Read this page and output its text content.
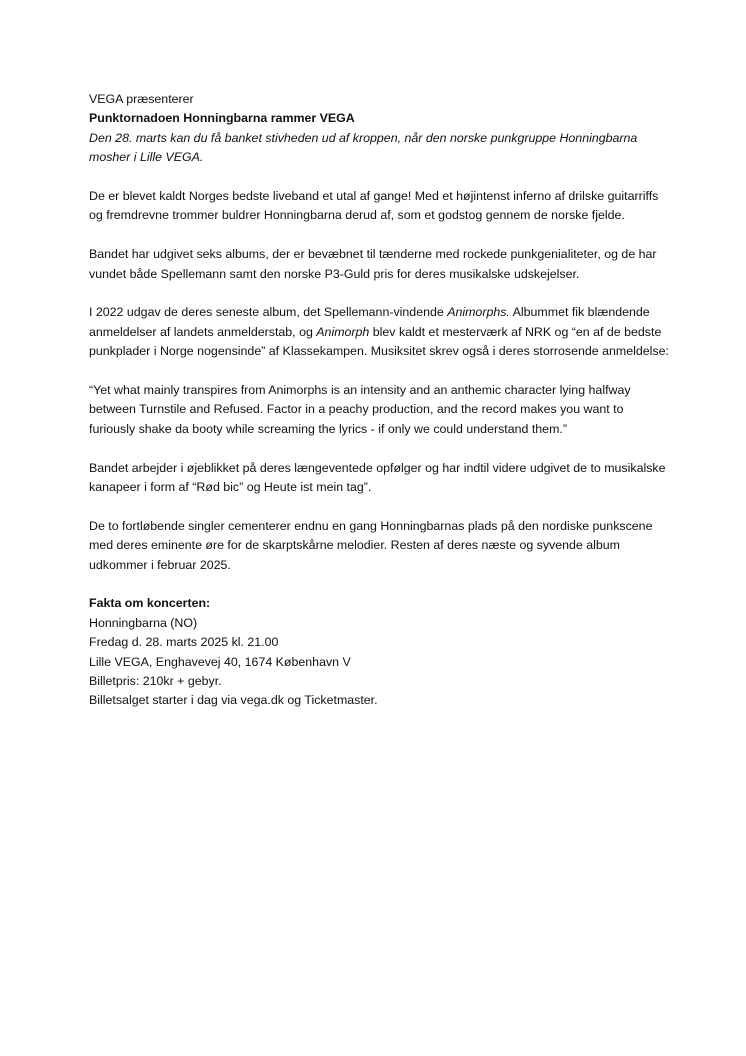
VEGA præsenterer
Punktornadoen Honningbarna rammer VEGA

Den 28. marts kan du få banket stivheden ud af kroppen, når den norske punkgruppe Honningbarna mosher i Lille VEGA.

De er blevet kaldt Norges bedste liveband et utal af gange! Med et højintenst inferno af drilske guitarriffs og fremdrevne trommer buldrer Honningbarna derud af, som et godstog gennem de norske fjelde.

Bandet har udgivet seks albums, der er bevæbnet til tænderne med rockede punkgenialiteter, og de har vundet både Spellemann samt den norske P3-Guld pris for deres musikalske udskejelser.

I 2022 udgav de deres seneste album, det Spellemann-vindende Animorphs. Albummet fik blændende anmeldelser af landets anmelderstab, og Animorph blev kaldt et mesterværk af NRK og “en af de bedste punkplader i Norge nogensinde” af Klassekampen. Musiksitet skrev også i deres storrosende anmeldelse:

“Yet what mainly transpires from Animorphs is an intensity and an anthemic character lying halfway between Turnstile and Refused. Factor in a peachy production, and the record makes you want to furiously shake da booty while screaming the lyrics - if only we could understand them.”

Bandet arbejder i øjeblikket på deres længeventede opfølger og har indtil videre udgivet de to musikalske kanapeer i form af “Rød bic” og Heute ist mein tag”.

De to fortløbende singler cementerer endnu en gang Honningbarnas plads på den nordiske punkscene med deres eminente øre for de skarptskårne melodier. Resten af deres næste og syvende album udkommer i februar 2025.

Fakta om koncerten:
Honningbarna (NO)
Fredag d. 28. marts 2025 kl. 21.00
Lille VEGA, Enghavevej 40, 1674 København V
Billetpris: 210kr + gebyr.
Billetsalget starter i dag via vega.dk og Ticketmaster.
